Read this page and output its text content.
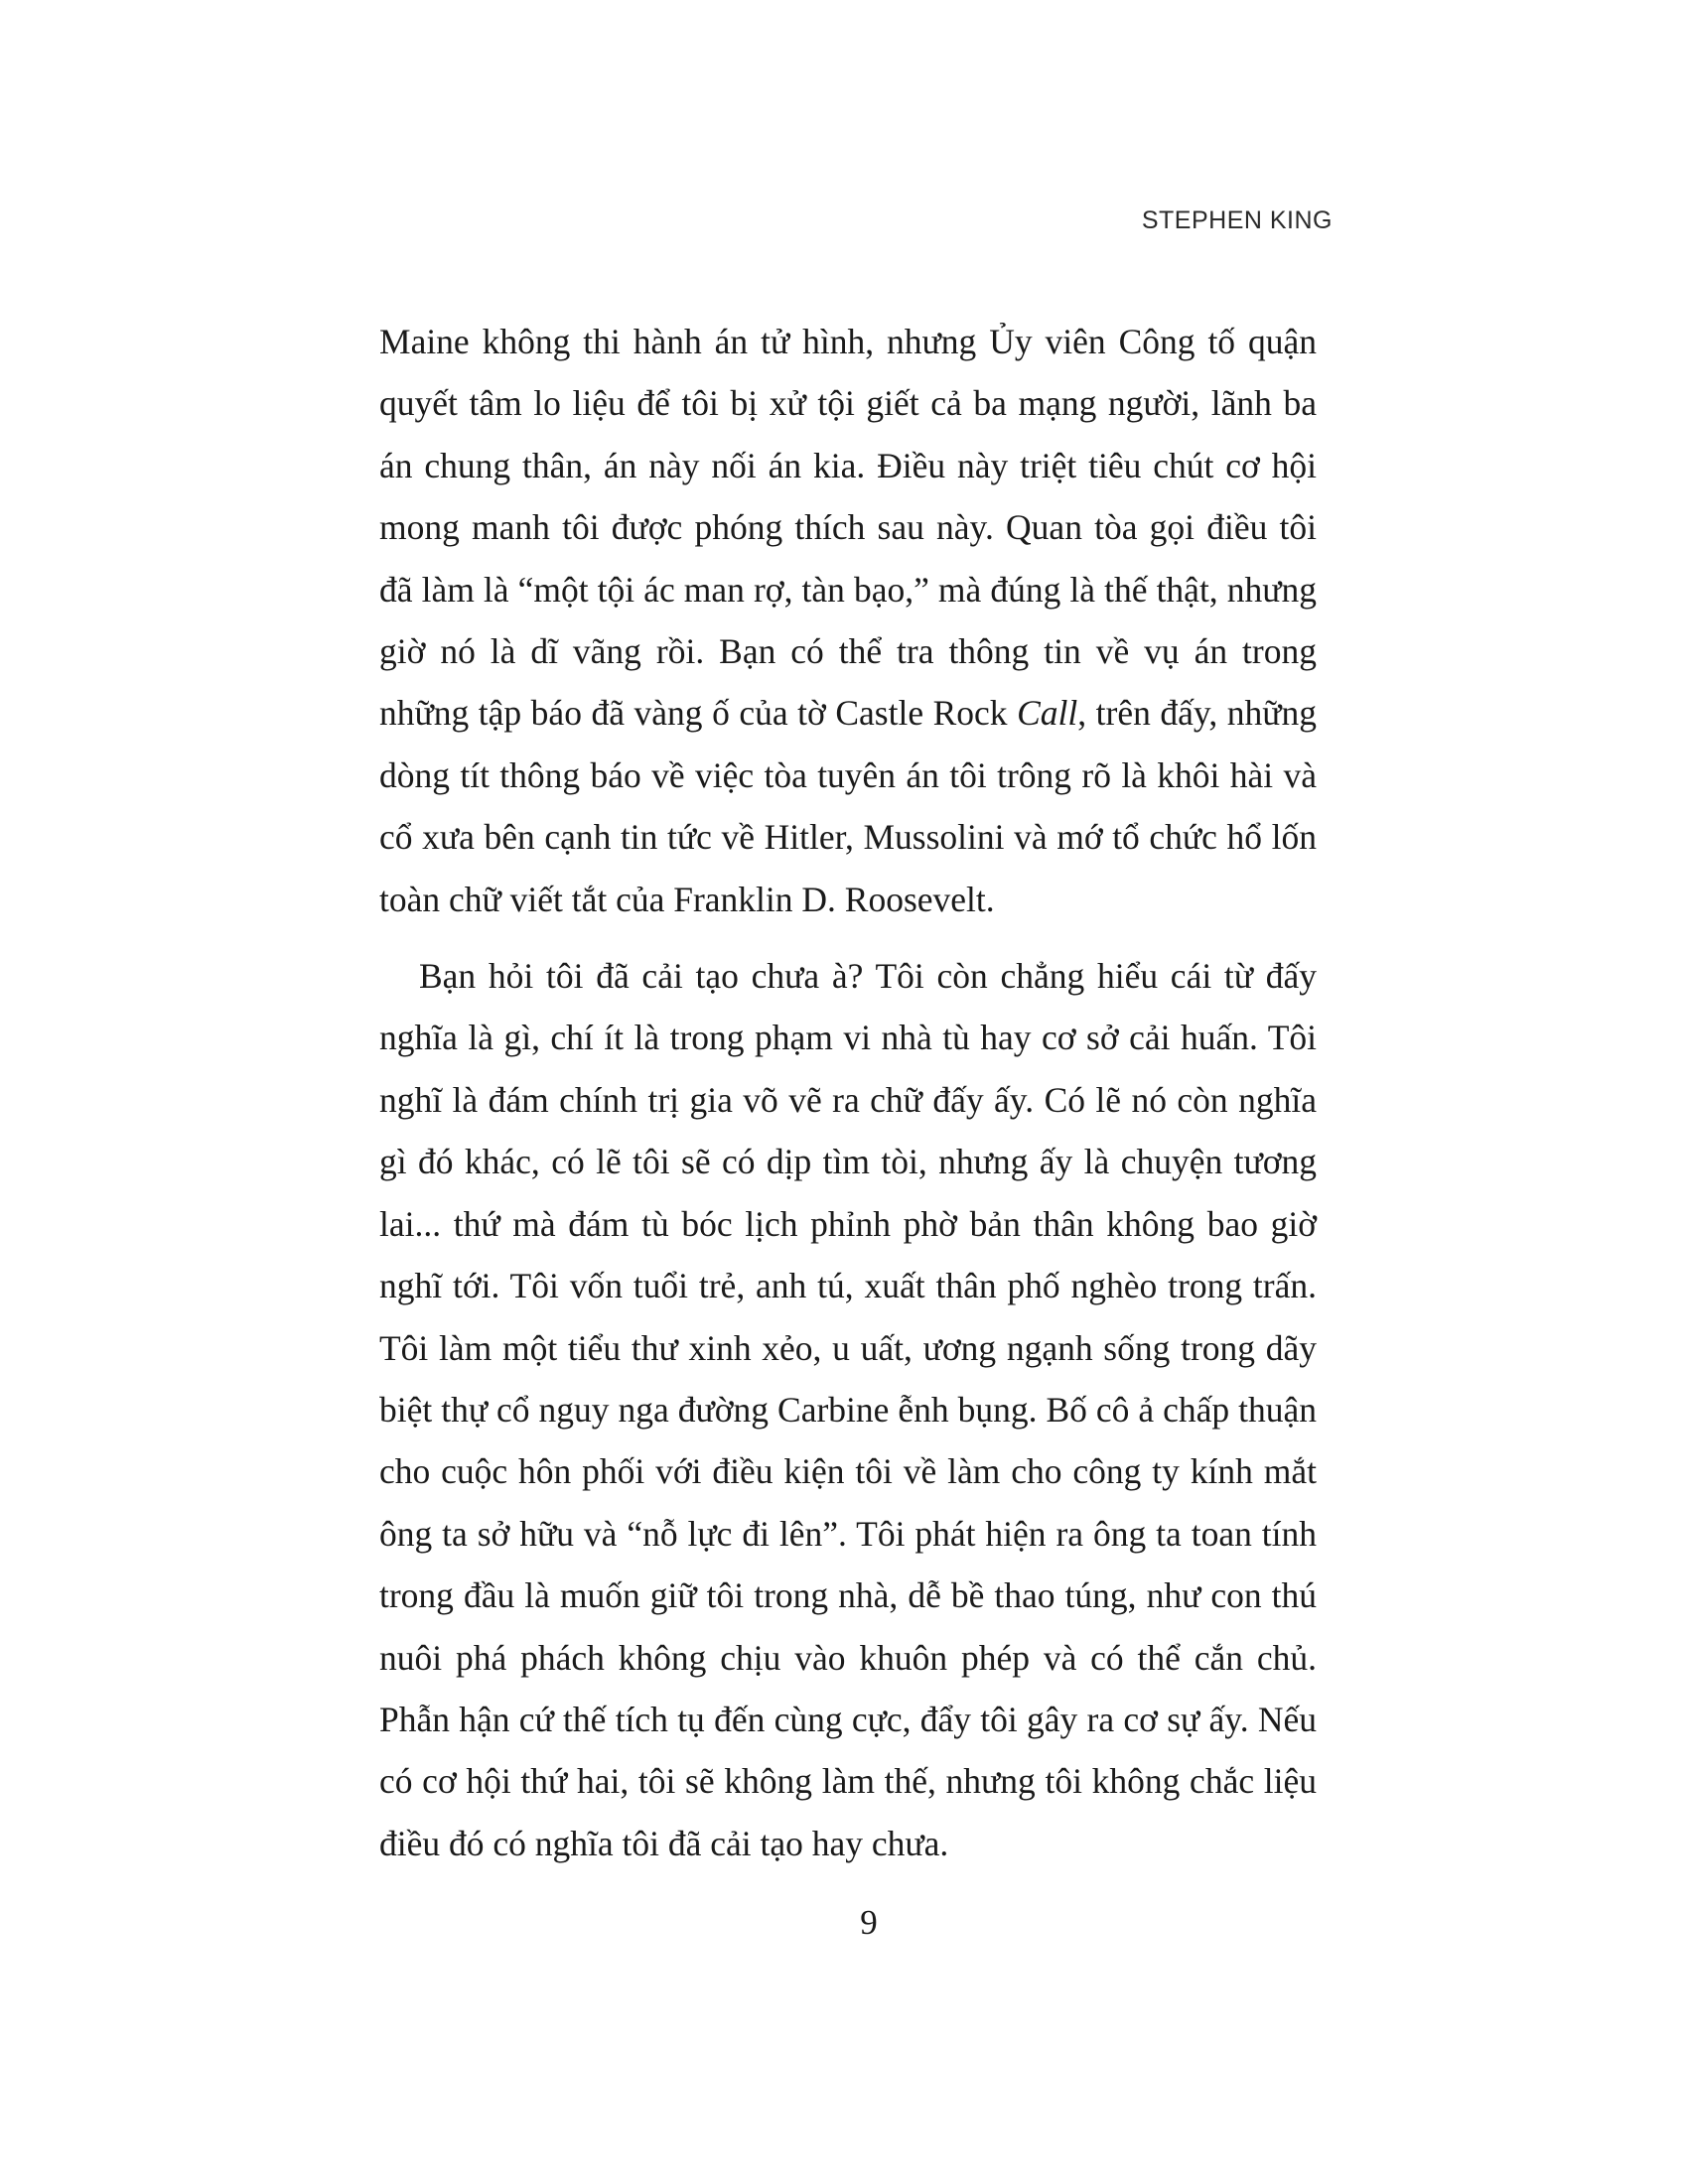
STEPHEN KING

Maine không thi hành án tử hình, nhưng Ủy viên Công tố quận quyết tâm lo liệu để tôi bị xử tội giết cả ba mạng người, lãnh ba án chung thân, án này nối án kia. Điều này triệt tiêu chút cơ hội mong manh tôi được phóng thích sau này. Quan tòa gọi điều tôi đã làm là “một tội ác man rợ, tàn bạo,” mà đúng là thế thật, nhưng giờ nó là dĩ vãng rồi. Bạn có thể tra thông tin về vụ án trong những tập báo đã vàng ố của tờ Castle Rock Call, trên đấy, những dòng tít thông báo về việc tòa tuyên án tôi trông rõ là khôi hài và cổ xưa bên cạnh tin tức về Hitler, Mussolini và mớ tổ chức hổ lốn toàn chữ viết tắt của Franklin D. Roosevelt.

Bạn hỏi tôi đã cải tạo chưa à? Tôi còn chẳng hiểu cái từ đấy nghĩa là gì, chí ít là trong phạm vi nhà tù hay cơ sở cải huấn. Tôi nghĩ là đám chính trị gia võ vẽ ra chữ đấy ấy. Có lẽ nó còn nghĩa gì đó khác, có lẽ tôi sẽ có dịp tìm tòi, nhưng ấy là chuyện tương lai... thứ mà đám tù bóc lịch phỉnh phờ bản thân không bao giờ nghĩ tới. Tôi vốn tuổi trẻ, anh tú, xuất thân phố nghèo trong trấn. Tôi làm một tiểu thư xinh xẻo, u uất, ương ngạnh sống trong dãy biệt thự cổ nguy nga đường Carbine ễnh bụng. Bố cô ả chấp thuận cho cuộc hôn phối với điều kiện tôi về làm cho công ty kính mắt ông ta sở hữu và “nỗ lực đi lên”. Tôi phát hiện ra ông ta toan tính trong đầu là muốn giữ tôi trong nhà, dễ bề thao túng, như con thú nuôi phá phách không chịu vào khuôn phép và có thể cắn chủ. Phẫn hận cứ thế tích tụ đến cùng cực, đẩy tôi gây ra cơ sự ấy. Nếu có cơ hội thứ hai, tôi sẽ không làm thế, nhưng tôi không chắc liệu điều đó có nghĩa tôi đã cải tạo hay chưa.

9
